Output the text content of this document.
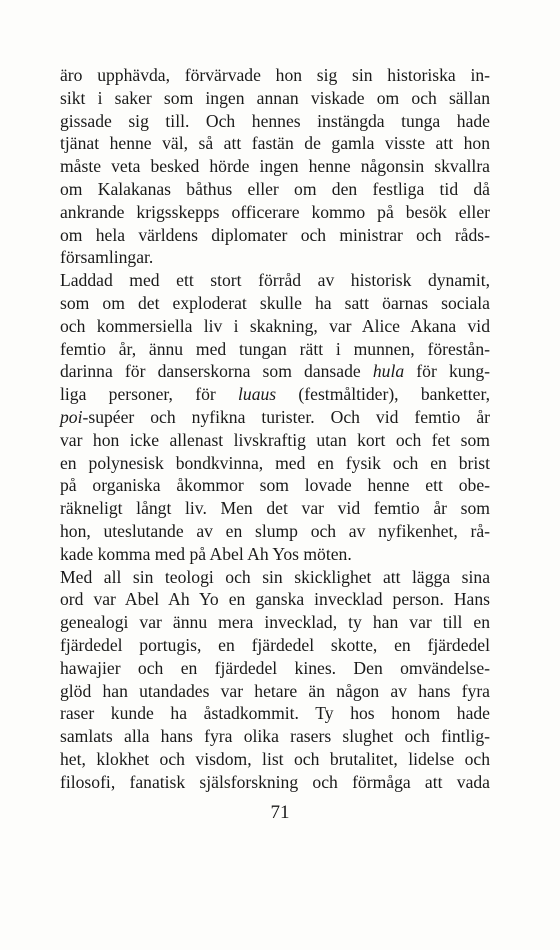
äro upphävda, förvärvade hon sig sin historiska in-
sikt i saker som ingen annan viskade om och sällan
gissade sig till. Och hennes instängda tunga hade
tjänat henne väl, så att fastän de gamla visste att hon
måste veta besked hörde ingen henne någonsin skvallra
om Kalakanas båthus eller om den festliga tid då
ankrande krigsskepps officerare kommo på besök eller
om hela världens diplomater och ministrar och råds-
församlingar.
Laddad med ett stort förråd av historisk dynamit,
som om det exploderat skulle ha satt öarnas sociala
och kommersiella liv i skakning, var Alice Akana vid
femtio år, ännu med tungan rätt i munnen, förestån-
darinna för danserskorna som dansade hula för kung-
liga personer, för luaus (festmåltider), banketter,
poi-supéer och nyfikna turister. Och vid femtio år
var hon icke allenast livskraftig utan kort och fet som
en polynesisk bondkvinna, med en fysik och en brist
på organiska åkommor som lovade henne ett obe-
räkneligt långt liv. Men det var vid femtio år som
hon, uteslutande av en slump och av nyfikenhet, rå-
kade komma med på Abel Ah Yos möten.
Med all sin teologi och sin skicklighet att lägga sina
ord var Abel Ah Yo en ganska invecklad person. Hans
genealogi var ännu mera invecklad, ty han var till en
fjärdedel portugis, en fjärdedel skotte, en fjärdedel
hawajier och en fjärdedel kines. Den omvändelse-
glöd han utandades var hetare än någon av hans fyra
raser kunde ha åstadkommit. Ty hos honom hade
samlats alla hans fyra olika rasers slughet och fintlig-
het, klokhet och visdom, list och brutalitet, lidelse och
filosofi, fanatisk själsforskning och förmåga att vada
71
